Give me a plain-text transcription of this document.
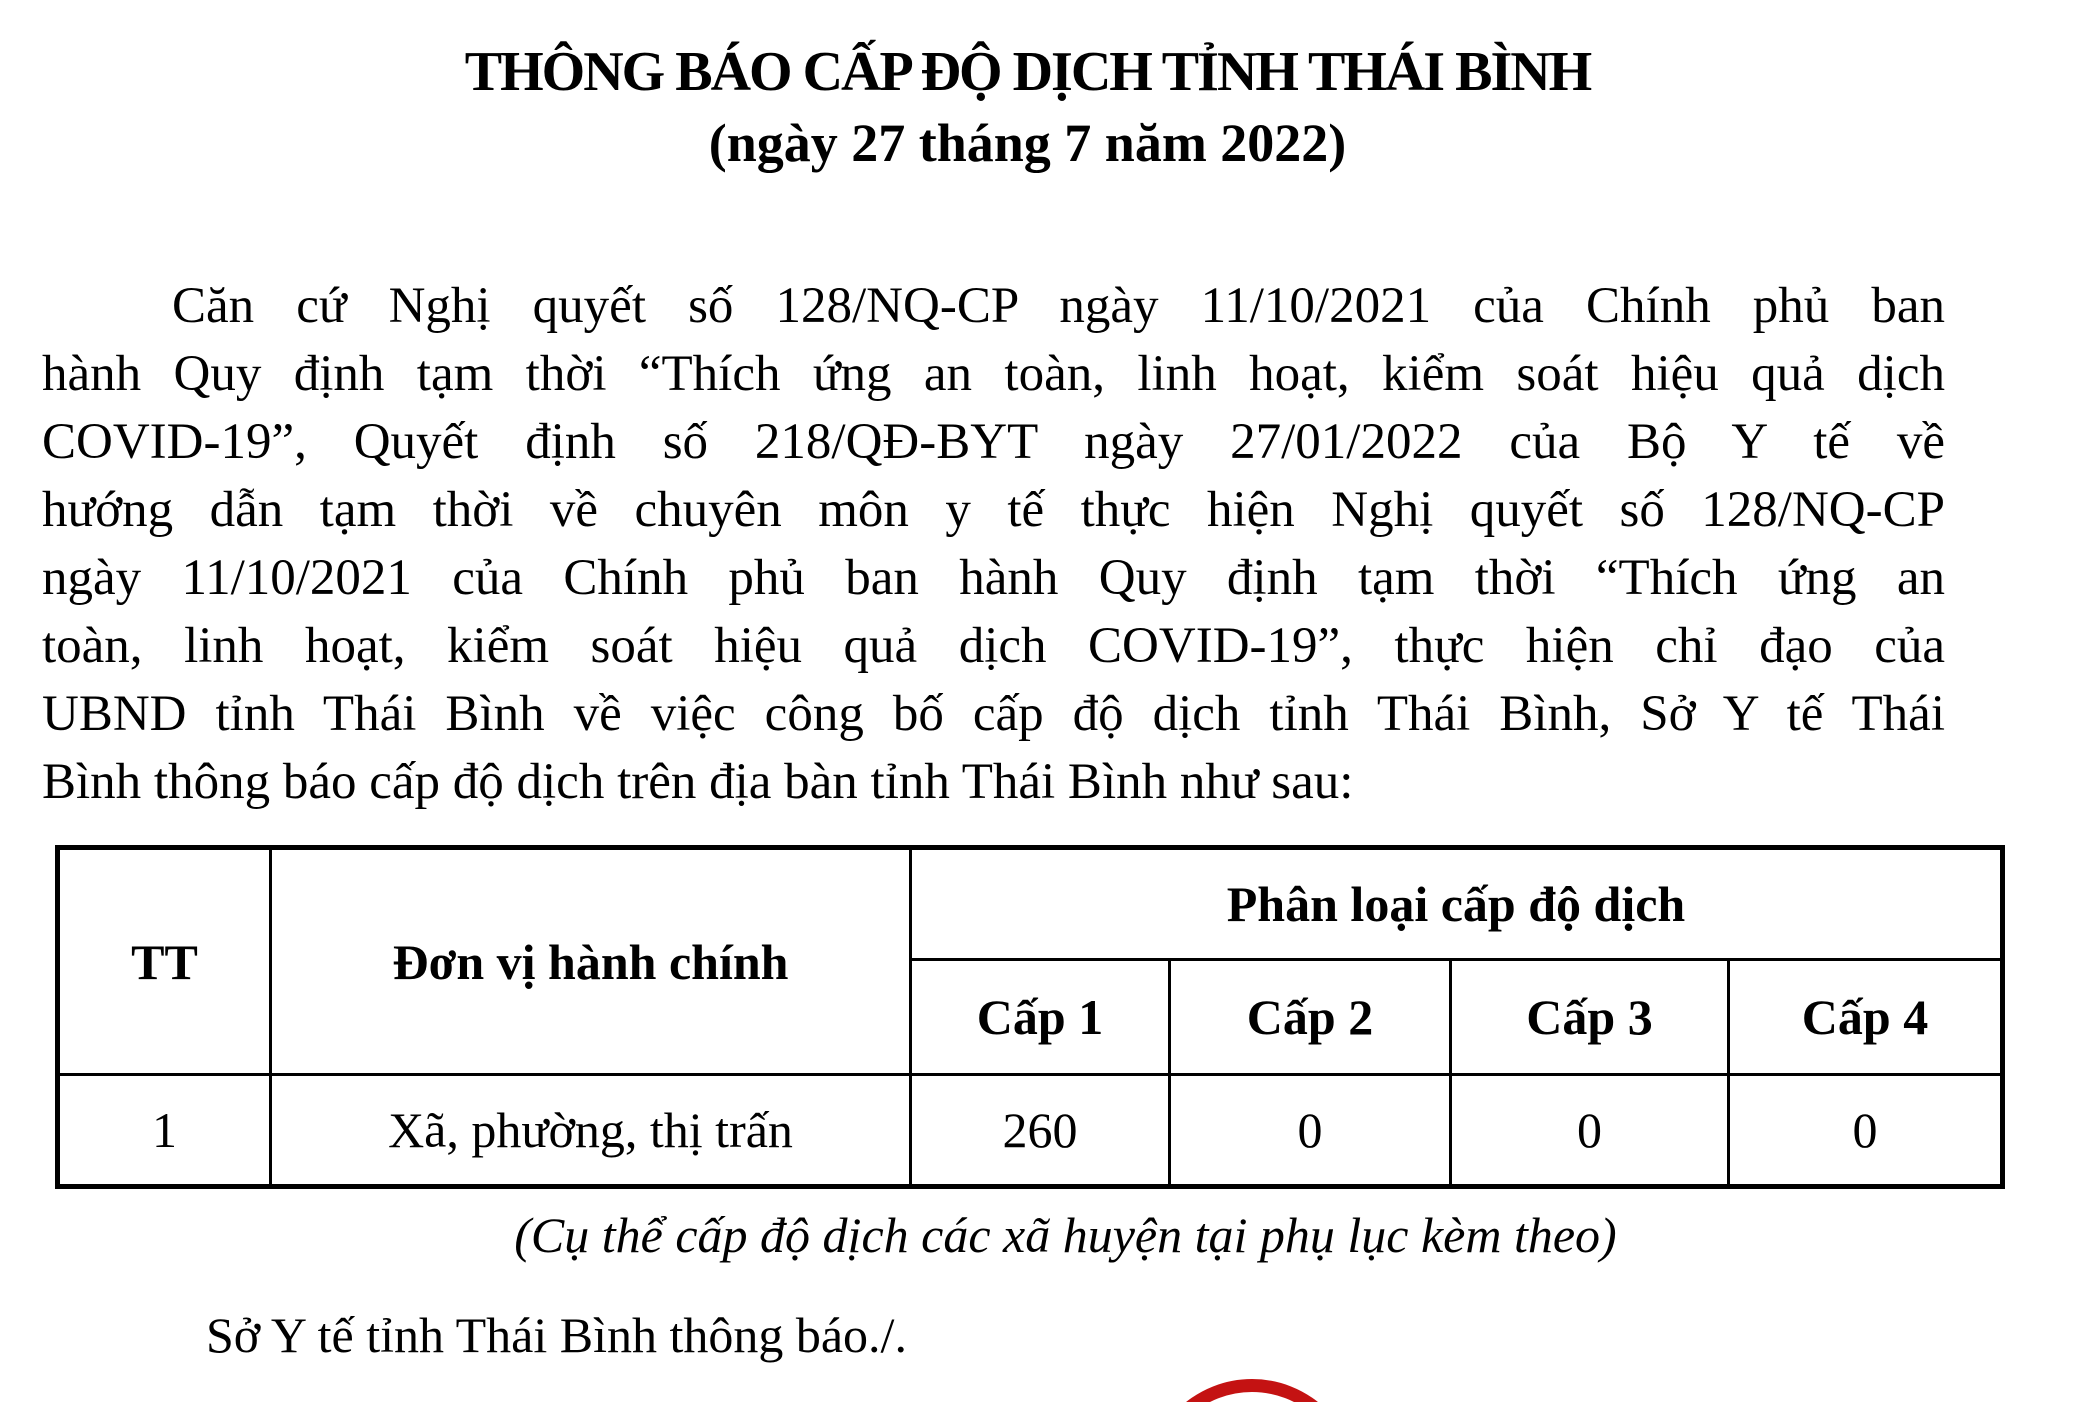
THÔNG BÁO CẤP ĐỘ DỊCH TỈNH THÁI BÌNH
(ngày 27 tháng 7 năm 2022)
Căn cứ Nghị quyết số 128/NQ-CP ngày 11/10/2021 của Chính phủ ban
hành Quy định tạm thời “Thích ứng an toàn, linh hoạt, kiểm soát hiệu quả dịch
COVID-19”, Quyết định số 218/QĐ-BYT ngày 27/01/2022 của Bộ Y tế về
hướng dẫn tạm thời về chuyên môn y tế thực hiện Nghị quyết số 128/NQ-CP
ngày 11/10/2021 của Chính phủ ban hành Quy định tạm thời “Thích ứng an
toàn, linh hoạt, kiểm soát hiệu quả dịch COVID-19”, thực hiện chỉ đạo của
UBND tỉnh Thái Bình về việc công bố cấp độ dịch tỉnh Thái Bình, Sở Y tế Thái
Bình thông báo cấp độ dịch trên địa bàn tỉnh Thái Bình như sau:
TT	Đơn vị hành chính	Phân loại cấp độ dịch			
		Cấp 1	Cấp 2	Cấp 3	Cấp 4
1	Xã, phường, thị trấn	260	0	0	0
(Cụ thể cấp độ dịch các xã huyện tại phụ lục kèm theo)
Sở Y tế tỉnh Thái Bình thông báo./.
